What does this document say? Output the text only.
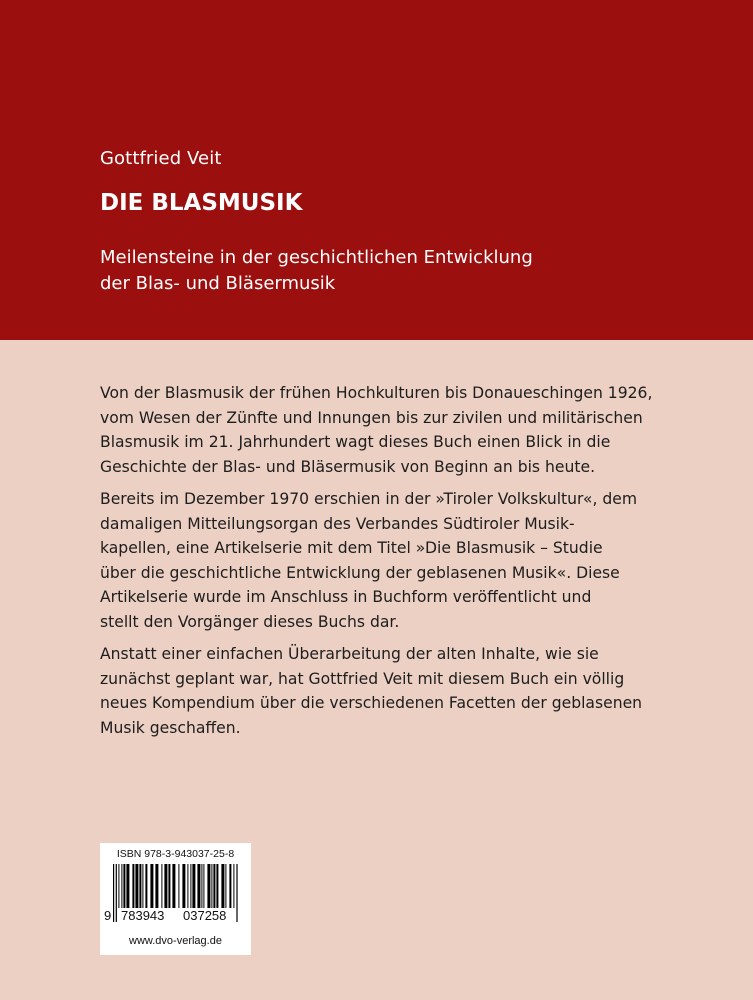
Gottfried Veit
DIE BLASMUSIK
Meilensteine in der geschichtlichen Entwicklung
der Blas- und Bläsermusik
Von der Blasmusik der frühen Hochkulturen bis Donaueschingen 1926,
vom Wesen der Zünfte und Innungen bis zur zivilen und militärischen
Blasmusik im 21. Jahrhundert wagt dieses Buch einen Blick in die
Geschichte der Blas- und Bläsermusik von Beginn an bis heute.
Bereits im Dezember 1970 erschien in der »Tiroler Volkskultur«, dem
damaligen Mitteilungsorgan des Verbandes Südtiroler Musik-
kapellen, eine Artikelserie mit dem Titel »Die Blasmusik – Studie
über die geschichtliche Entwicklung der geblasenen Musik«. Diese
Artikelserie wurde im Anschluss in Buchform veröffentlicht und
stellt den Vorgänger dieses Buchs dar.
Anstatt einer einfachen Überarbeitung der alten Inhalte, wie sie
zunächst geplant war, hat Gottfried Veit mit diesem Buch ein völlig
neues Kompendium über die verschiedenen Facetten der geblasenen
Musik geschaffen.
ISBN 978-3-943037-25-8
9 783943 037258
www.dvo-verlag.de
